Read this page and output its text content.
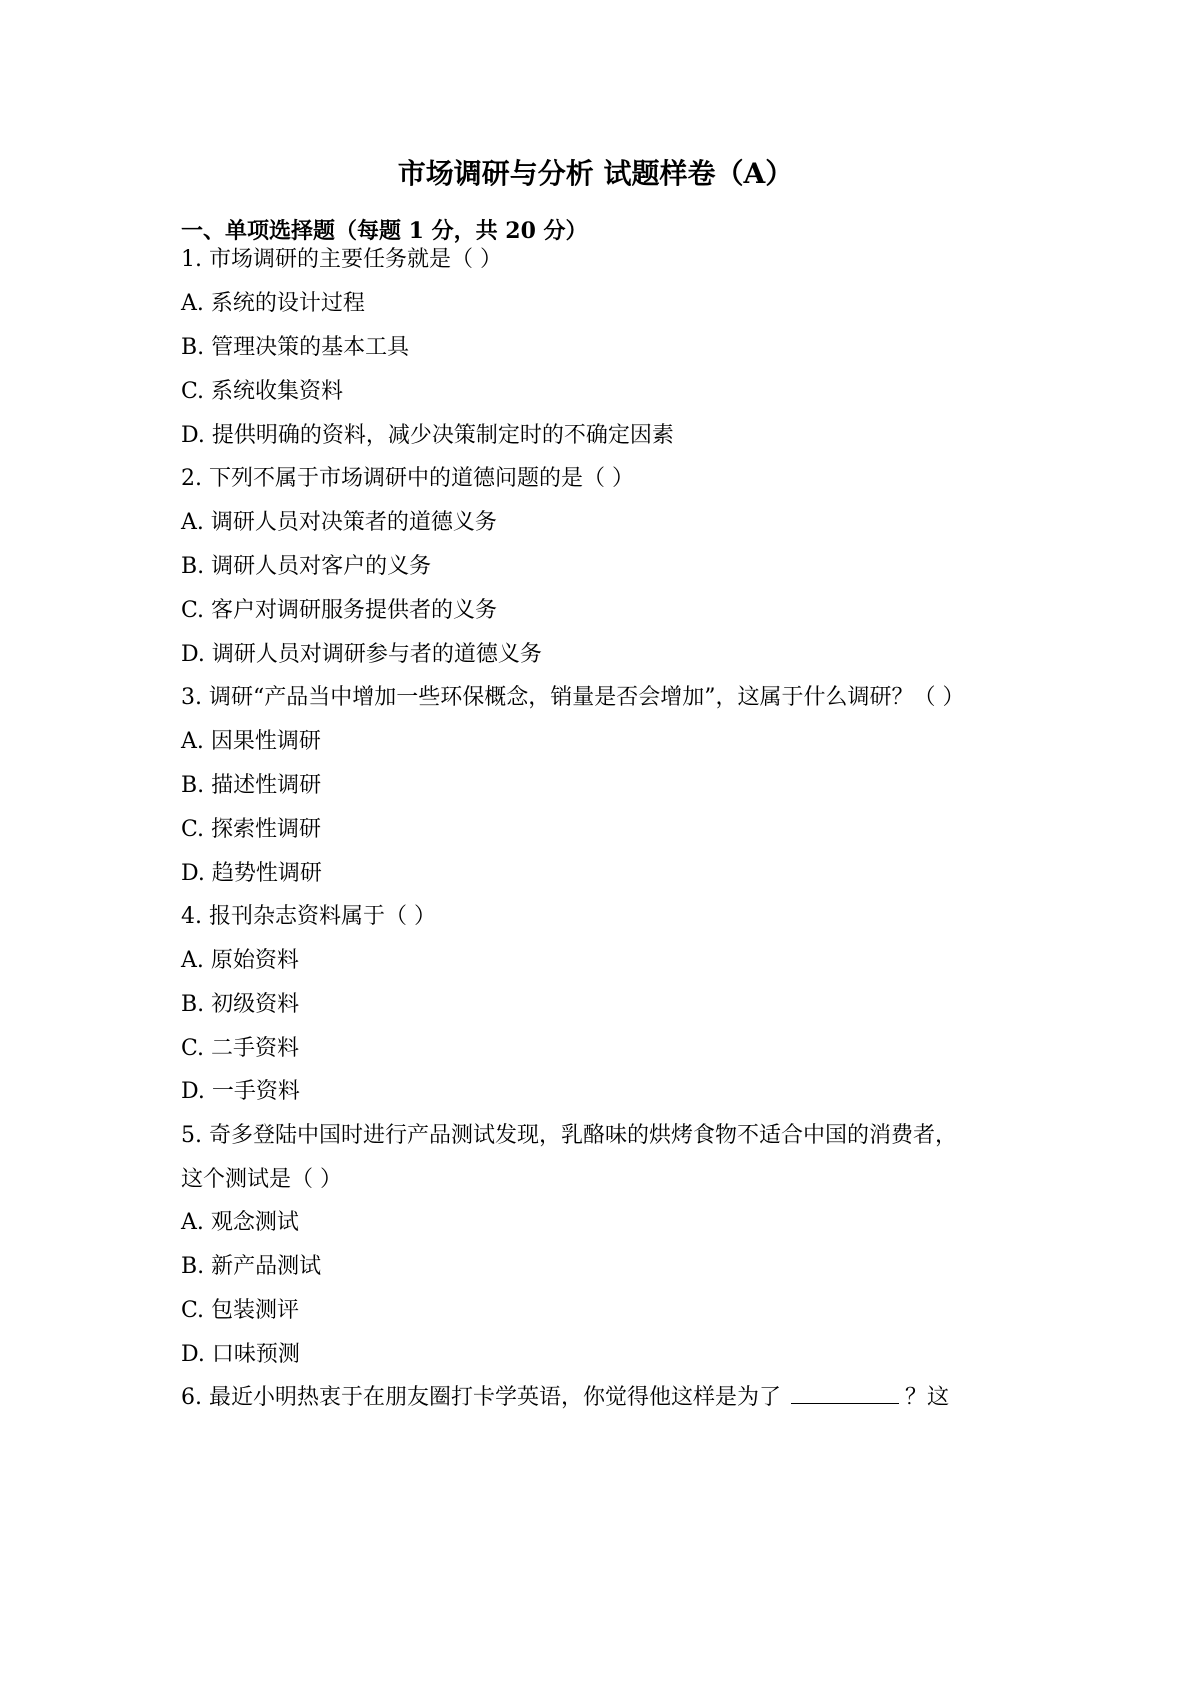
市场调研与分析 试题样卷（A）
一、单项选择题（每题 1 分，共 20 分）
1. 市场调研的主要任务就是（ ）
A. 系统的设计过程
B. 管理决策的基本工具
C. 系统收集资料
D. 提供明确的资料，减少决策制定时的不确定因素
2. 下列不属于市场调研中的道德问题的是（ ）
A. 调研人员对决策者的道德义务
B. 调研人员对客户的义务
C. 客户对调研服务提供者的义务
D. 调研人员对调研参与者的道德义务
3. 调研“产品当中增加一些环保概念，销量是否会增加”，这属于什么调研？（ ）
A. 因果性调研
B. 描述性调研
C. 探索性调研
D. 趋势性调研
4. 报刊杂志资料属于（ ）
A. 原始资料
B. 初级资料
C. 二手资料
D. 一手资料
5. 奇多登陆中国时进行产品测试发现，乳酪味的烘烤食物不适合中国的消费者，
这个测试是（ ）
A. 观念测试
B. 新产品测试
C. 包装测评
D. 口味预测
6. 最近小明热衷于在朋友圈打卡学英语，你觉得他这样是为了	？这
